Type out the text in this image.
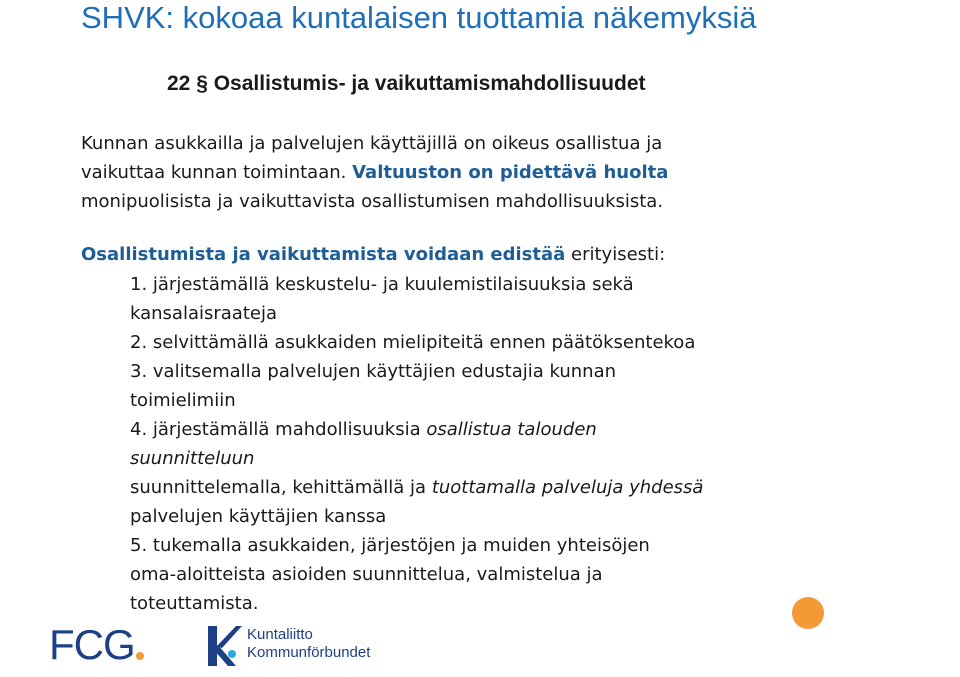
SHVK: kokoaa kuntalaisen tuottamia näkemyksiä
22 § Osallistumis- ja vaikuttamismahdollisuudet
Kunnan asukkailla ja palvelujen käyttäjillä on oikeus osallistua ja
vaikuttaa kunnan toimintaan. Valtuuston on pidettävä huolta
monipuolisista ja vaikuttavista osallistumisen mahdollisuuksista.
Osallistumista ja vaikuttamista voidaan edistää erityisesti:
1. järjestämällä keskustelu- ja kuulemistilaisuuksia sekä
kansalaisraateja
2. selvittämällä asukkaiden mielipiteitä ennen päätöksentekoa
3. valitsemalla palvelujen käyttäjien edustajia kunnan
toimielimiin
4. järjestämällä mahdollisuuksia osallistua talouden
suunnitteluun
suunnittelemalla, kehittämällä ja tuottamalla palveluja yhdessä
palvelujen käyttäjien kanssa
5. tukemalla asukkaiden, järjestöjen ja muiden yhteisöjen
oma-aloitteista asioiden suunnittelua, valmistelua ja
toteuttamista.
FCG	Kuntaliitto
Kommunförbundet
